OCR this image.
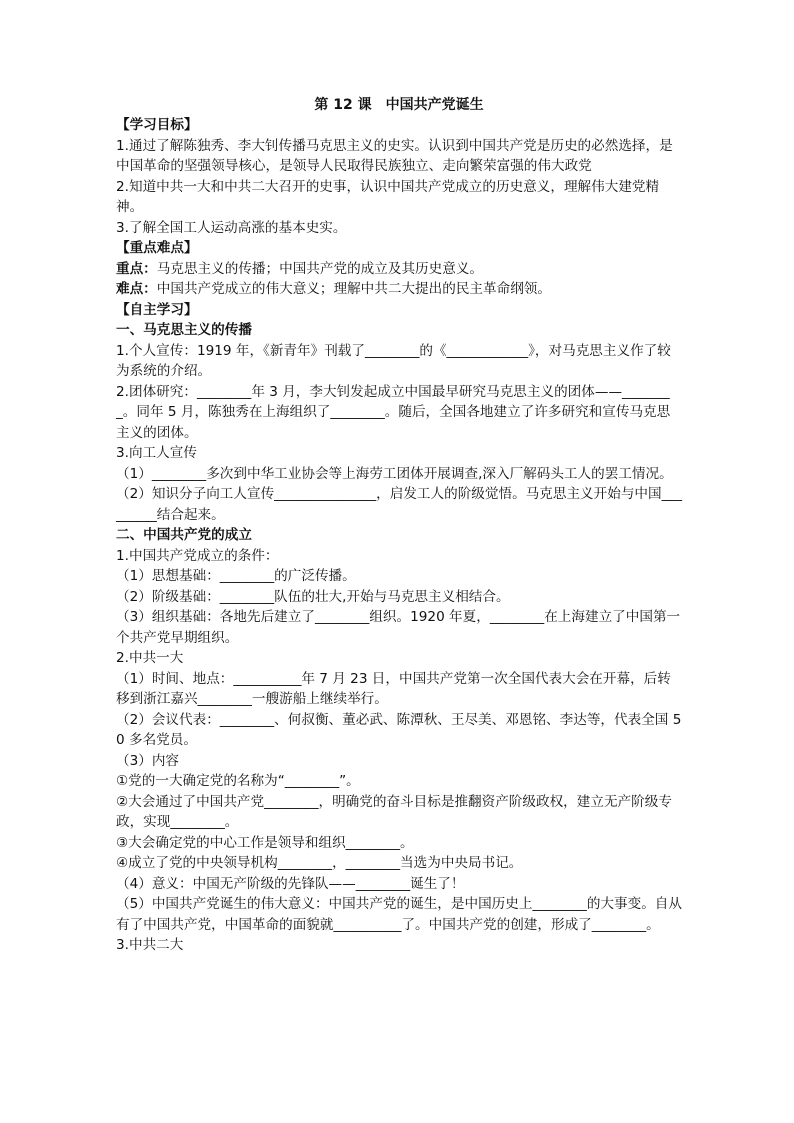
第 12 课　中国共产党诞生

【学习目标】

1.通过了解陈独秀、李大钊传播马克思主义的史实。认识到中国共产党是历史的必然选择，是中国革命的坚强领导核心，是领导人民取得民族独立、走向繁荣富强的伟大政党

2.知道中共一大和中共二大召开的史事，认识中国共产党成立的历史意义，理解伟大建党精神。

3.了解全国工人运动高涨的基本史实。

【重点难点】

重点：马克思主义的传播；中国共产党的成立及其历史意义。

难点：中国共产党成立的伟大意义；理解中共二大提出的民主革命纲领。

【自主学习】

一、马克思主义的传播

1.个人宣传：1919 年，《新青年》刊载了________的《____________》，对马克思主义作了较为系统的介绍。

2.团体研究：________年 3 月，李大钊发起成立中国最早研究马克思主义的团体——________。同年 5 月，陈独秀在上海组织了________。随后，全国各地建立了许多研究和宣传马克思主义的团体。

3.向工人宣传

（1）________多次到中华工业协会等上海劳工团体开展调查,深入厂解码头工人的罢工情况。

（2）知识分子向工人宣传_______________，启发工人的阶级觉悟。马克思主义开始与中国_________结合起来。

二、中国共产党的成立

1.中国共产党成立的条件：

（1）思想基础：________的广泛传播。

（2）阶级基础：________队伍的壮大,开始与马克思主义相结合。

（3）组织基础：各地先后建立了________组织。1920 年夏，________在上海建立了中国第一个共产党早期组织。

2.中共一大

（1）时间、地点：__________年 7 月 23 日，中国共产党第一次全国代表大会在开幕，后转移到浙江嘉兴________一艘游船上继续举行。

（2）会议代表：________、何叔衡、董必武、陈潭秋、王尽美、邓恩铭、李达等，代表全国 50 多名党员。

（3）内容

①党的一大确定党的名称为“________”。

②大会通过了中国共产党________，明确党的奋斗目标是推翻资产阶级政权，建立无产阶级专政，实现________。

③大会确定党的中心工作是领导和组织________。

④成立了党的中央领导机构________，________当选为中央局书记。

（4）意义：中国无产阶级的先锋队——________诞生了！

（5）中国共产党诞生的伟大意义：中国共产党的诞生，是中国历史上________的大事变。自从有了中国共产党，中国革命的面貌就__________了。中国共产党的创建，形成了________。

3.中共二大
